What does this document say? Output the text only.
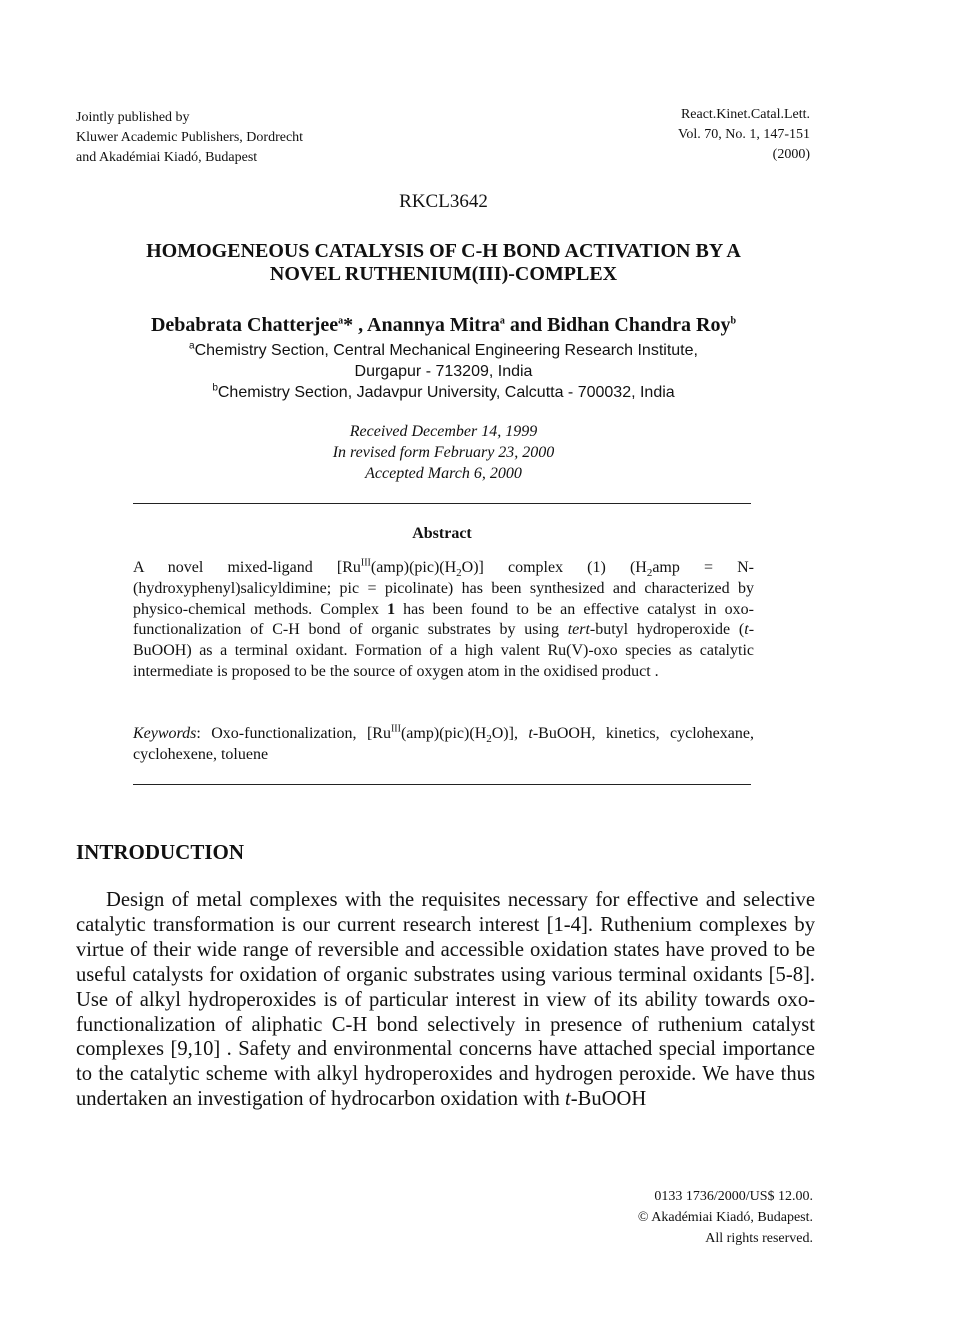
Jointly published by
Kluwer Academic Publishers, Dordrecht
and Akadémiai Kiadó, Budapest
React.Kinet.Catal.Lett.
Vol. 70, No. 1, 147-151
(2000)
RKCL3642
HOMOGENEOUS CATALYSIS OF C-H BOND ACTIVATION BY A
NOVEL RUTHENIUM(III)-COMPLEX
Debabrata Chatterjee$^a$* , Anannya Mitra$^a$ and Bidhan Chandra Roy$^b$
$^a$Chemistry Section, Central Mechanical Engineering Research Institute,
Durgapur - 713209, India
$^b$Chemistry Section, Jadavpur University, Calcutta - 700032, India
Received December 14, 1999
In revised form February 23, 2000
Accepted March 6, 2000
Abstract
A novel mixed-ligand $[Ru^{III}(amp)(pic)(H_2O)]$ complex (1) ($H_2amp$ = N-(hydroxyphenyl)salicyldimine; pic = picolinate) has been synthesized and characterized by physico-chemical methods. Complex 1 has been found to be an effective catalyst in oxo-functionalization of C-H bond of organic substrates by using tert-butyl hydroperoxide (t-BuOOH) as a terminal oxidant. Formation of a high valent Ru(V)-oxo species as catalytic intermediate is proposed to be the source of oxygen atom in the oxidised product .
Keywords: Oxo-functionalization, $[Ru^{III}(amp)(pic)(H_2O)]$, t-BuOOH, kinetics, cyclohexane, cyclohexene, toluene
INTRODUCTION
Design of metal complexes with the requisites necessary for effective and selective catalytic transformation is our current research interest [1-4]. Ruthenium complexes by virtue of their wide range of reversible and accessible oxidation states have proved to be useful catalysts for oxidation of organic substrates using various terminal oxidants [5-8]. Use of alkyl hydroperoxides is of particular interest in view of its ability towards oxo-functionalization of aliphatic C-H bond selectively in presence of ruthenium catalyst complexes [9,10] . Safety and environmental concerns have attached special importance to the catalytic scheme with alkyl hydroperoxides and hydrogen peroxide. We have thus undertaken an investigation of hydrocarbon oxidation with t-BuOOH
0133 1736/2000/US$ 12.00.
© Akadémiai Kiadó, Budapest.
All rights reserved.
